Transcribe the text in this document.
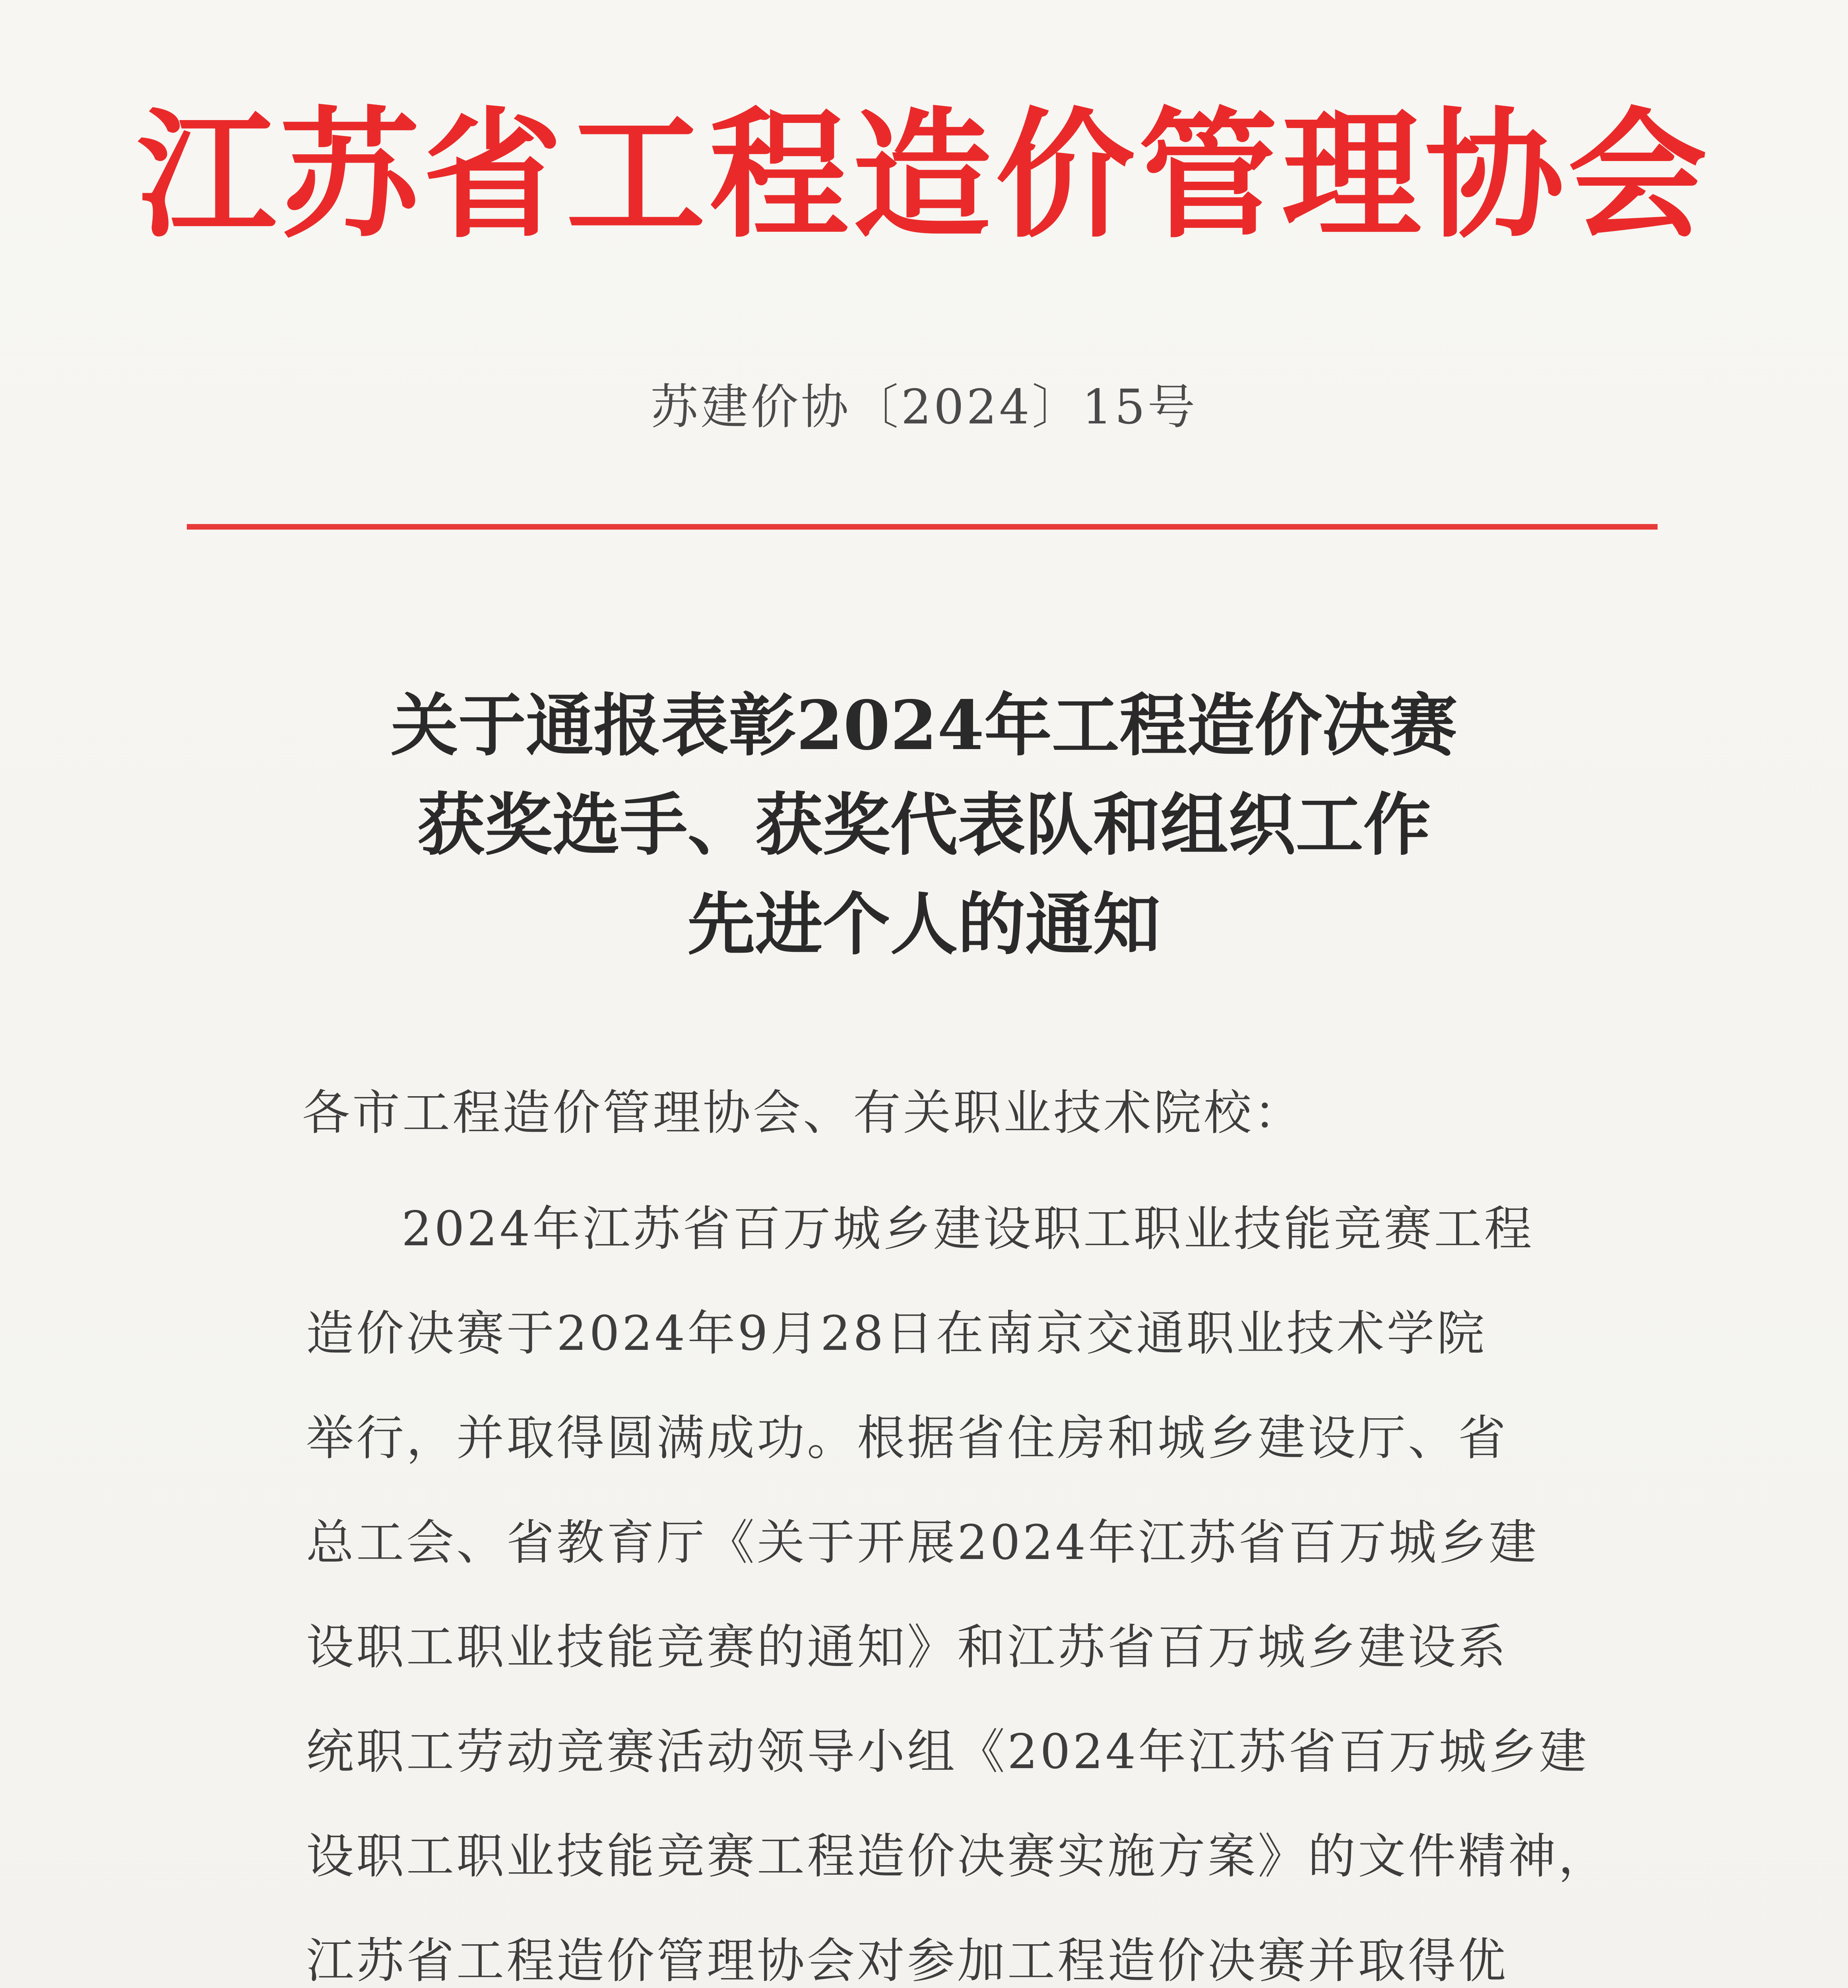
江苏省工程造价管理协会
苏建价协〔2024〕15号
关于通报表彰2024年工程造价决赛
获奖选手、获奖代表队和组织工作
先进个人的通知
各市工程造价管理协会、有关职业技术院校：
2024年江苏省百万城乡建设职工职业技能竞赛工程
造价决赛于2024年9月28日在南京交通职业技术学院
举行，并取得圆满成功。根据省住房和城乡建设厅、省
总工会、省教育厅《关于开展2024年江苏省百万城乡建
设职工职业技能竞赛的通知》和江苏省百万城乡建设系
统职工劳动竞赛活动领导小组《2024年江苏省百万城乡建
设职工职业技能竞赛工程造价决赛实施方案》的文件精神，
江苏省工程造价管理协会对参加工程造价决赛并取得优
